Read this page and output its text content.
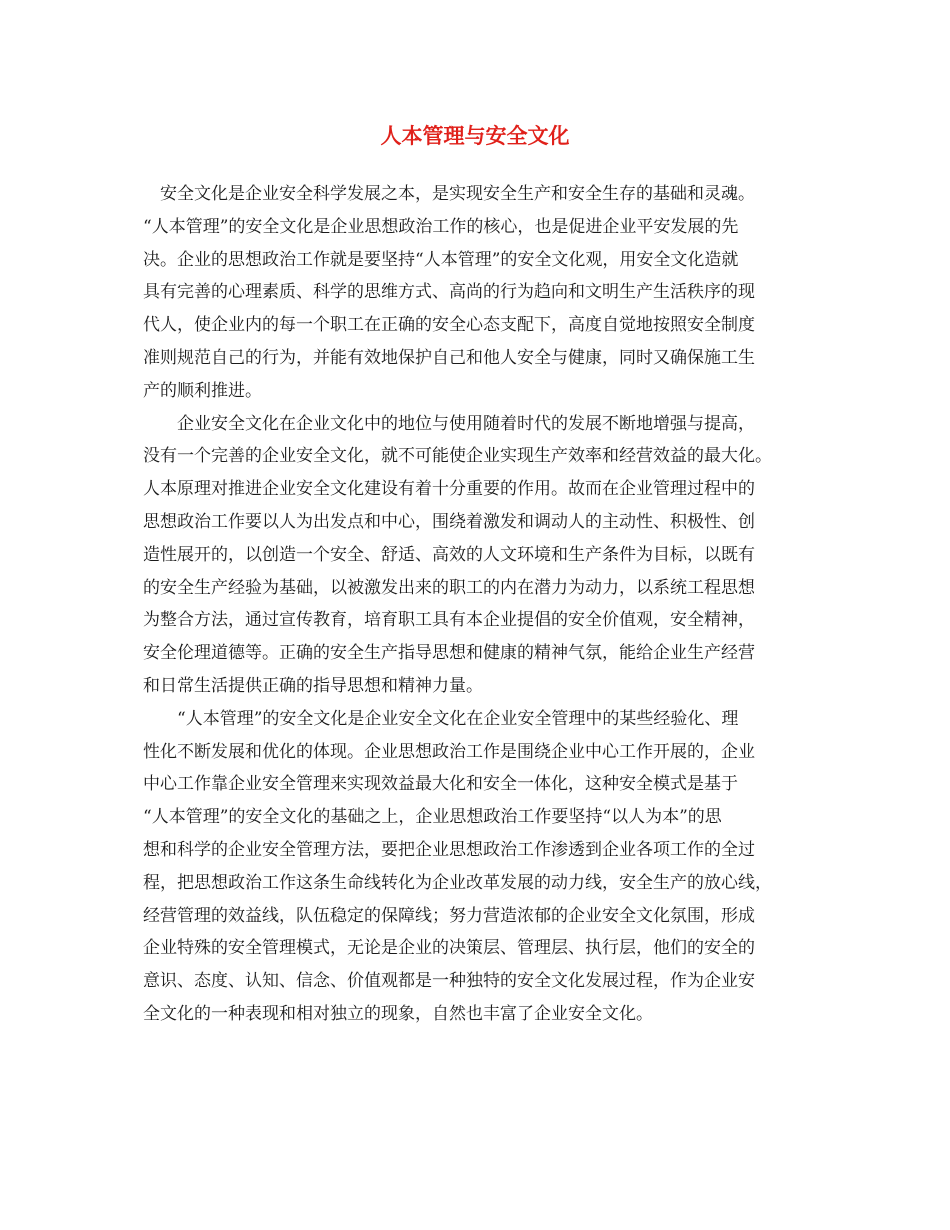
人本管理与安全文化
安全文化是企业安全科学发展之本，是实现安全生产和安全生存的基础和灵魂。
“人本管理”的安全文化是企业思想政治工作的核心，也是促进企业平安发展的先
决。企业的思想政治工作就是要坚持“人本管理”的安全文化观，用安全文化造就
具有完善的心理素质、科学的思维方式、高尚的行为趋向和文明生产生活秩序的现
代人，使企业内的每一个职工在正确的安全心态支配下，高度自觉地按照安全制度
准则规范自己的行为，并能有效地保护自己和他人安全与健康，同时又确保施工生
产的顺利推进。
企业安全文化在企业文化中的地位与使用随着时代的发展不断地增强与提高，
没有一个完善的企业安全文化，就不可能使企业实现生产效率和经营效益的最大化。
人本原理对推进企业安全文化建设有着十分重要的作用。故而在企业管理过程中的
思想政治工作要以人为出发点和中心，围绕着激发和调动人的主动性、积极性、创
造性展开的，以创造一个安全、舒适、高效的人文环境和生产条件为目标，以既有
的安全生产经验为基础，以被激发出来的职工的内在潜力为动力，以系统工程思想
为整合方法，通过宣传教育，培育职工具有本企业提倡的安全价值观，安全精神，
安全伦理道德等。正确的安全生产指导思想和健康的精神气氛，能给企业生产经营
和日常生活提供正确的指导思想和精神力量。
“人本管理”的安全文化是企业安全文化在企业安全管理中的某些经验化、理
性化不断发展和优化的体现。企业思想政治工作是围绕企业中心工作开展的，企业
中心工作靠企业安全管理来实现效益最大化和安全一体化，这种安全模式是基于
“人本管理”的安全文化的基础之上，企业思想政治工作要坚持“以人为本”的思
想和科学的企业安全管理方法，要把企业思想政治工作渗透到企业各项工作的全过
程，把思想政治工作这条生命线转化为企业改革发展的动力线，安全生产的放心线，
经营管理的效益线，队伍稳定的保障线；努力营造浓郁的企业安全文化氛围，形成
企业特殊的安全管理模式，无论是企业的决策层、管理层、执行层，他们的安全的
意识、态度、认知、信念、价值观都是一种独特的安全文化发展过程，作为企业安
全文化的一种表现和相对独立的现象，自然也丰富了企业安全文化。
